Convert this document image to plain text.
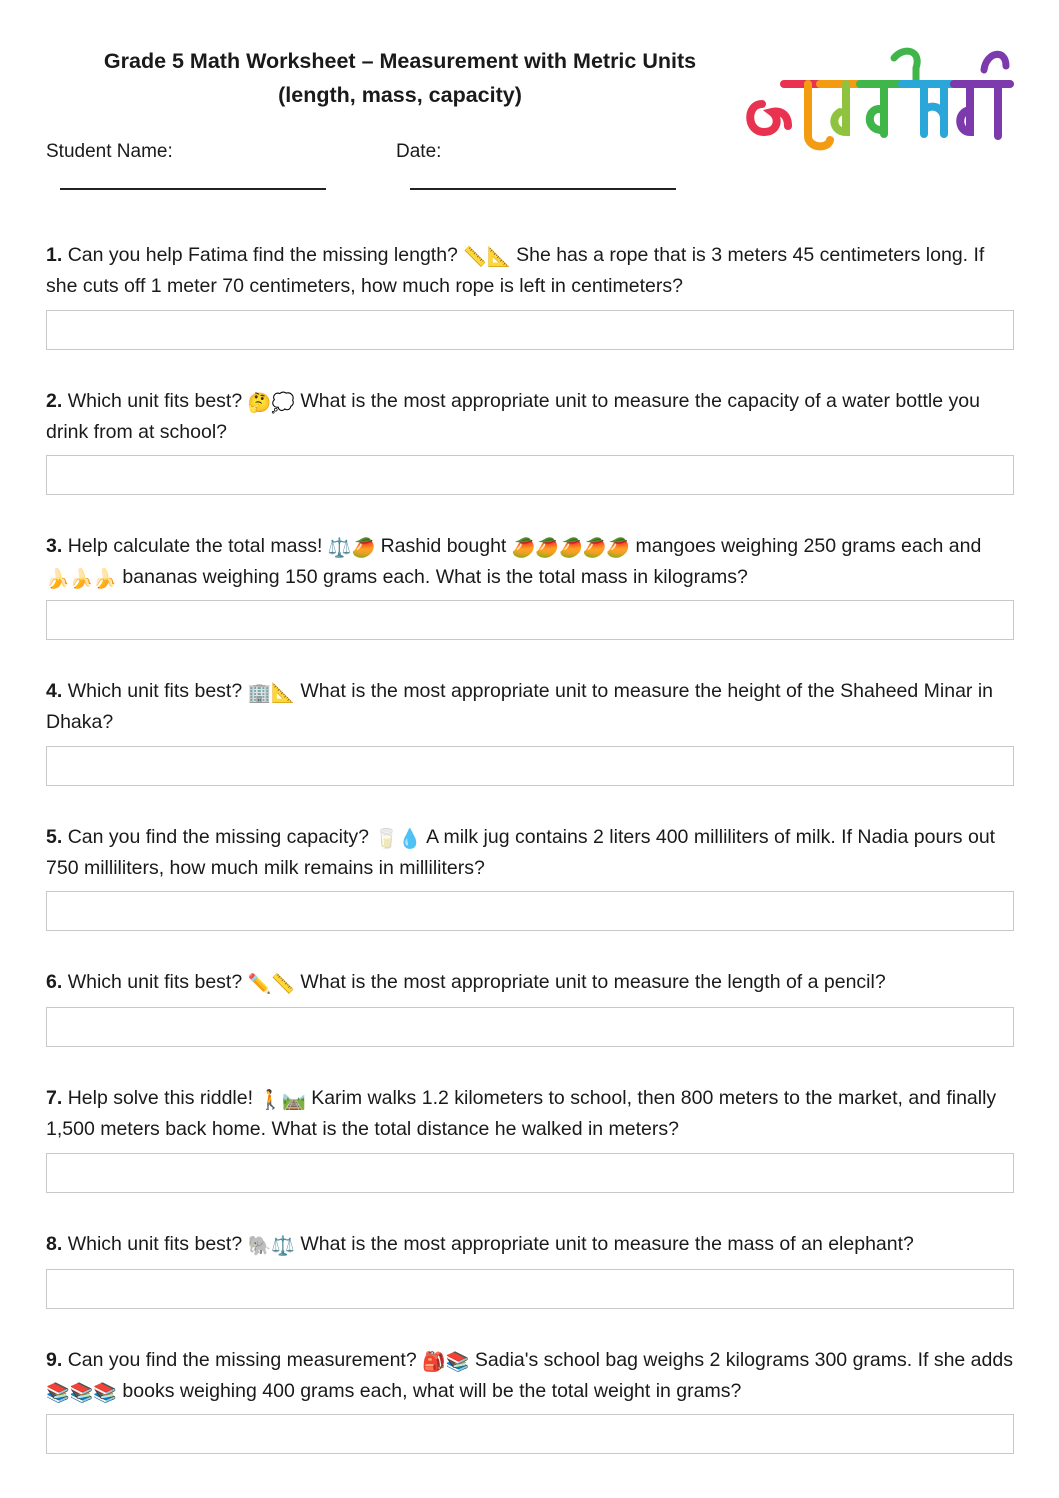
Grade 5 Math Worksheet – Measurement with Metric Units
(length, mass, capacity)
অনুশীলনী
Student Name:	Date:

1. Can you help Fatima find the missing length? 📏📐 She has a rope that is 3 meters 45 centimeters long. If she cuts off 1 meter 70 centimeters, how much rope is left in centimeters?

2. Which unit fits best? 🤔💭 What is the most appropriate unit to measure the capacity of a water bottle you drink from at school?

3. Help calculate the total mass! ⚖️🥭 Rashid bought 🥭🥭🥭🥭🥭 mangoes weighing 250 grams each and 🍌🍌🍌 bananas weighing 150 grams each. What is the total mass in kilograms?

4. Which unit fits best? 🏢📐 What is the most appropriate unit to measure the height of the Shaheed Minar in Dhaka?

5. Can you find the missing capacity? 🥛💧 A milk jug contains 2 liters 400 milliliters of milk. If Nadia pours out 750 milliliters, how much milk remains in milliliters?

6. Which unit fits best? ✏️📏 What is the most appropriate unit to measure the length of a pencil?

7. Help solve this riddle! 🚶🛤️ Karim walks 1.2 kilometers to school, then 800 meters to the market, and finally 1,500 meters back home. What is the total distance he walked in meters?

8. Which unit fits best? 🐘⚖️ What is the most appropriate unit to measure the mass of an elephant?

9. Can you find the missing measurement? 🎒📚 Sadia's school bag weighs 2 kilograms 300 grams. If she adds 📚📚📚 books weighing 400 grams each, what will be the total weight in grams?
